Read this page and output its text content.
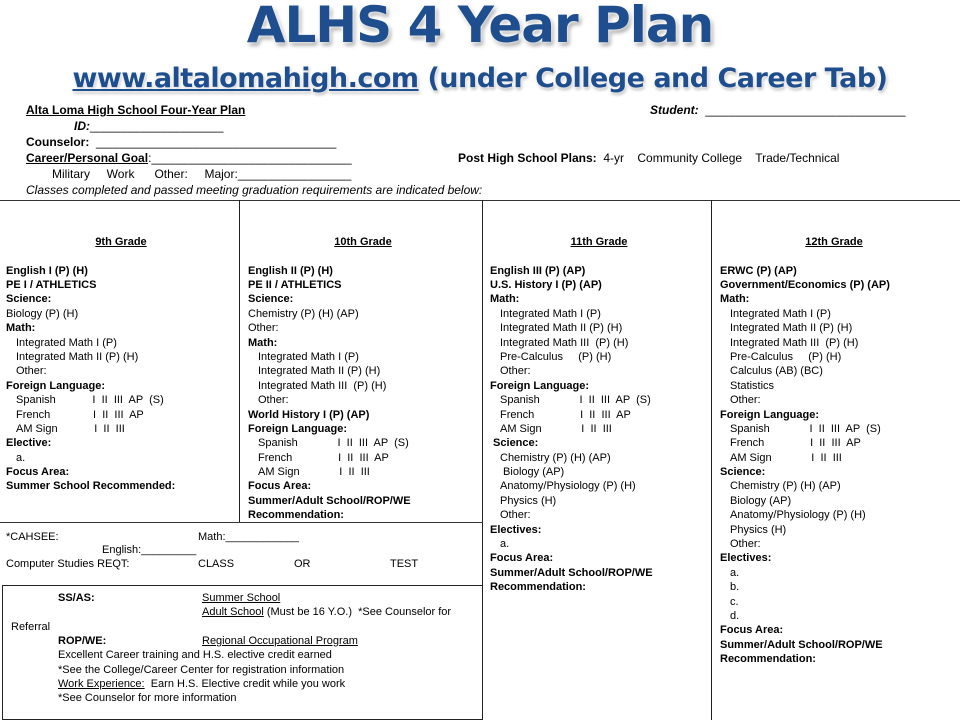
ALHS 4 Year Plan
www.altalomahigh.com (under College and Career Tab)
Alta Loma High School Four-Year Plan	Student: ______________________________
ID:____________________
Counselor: ____________________________________
Career/Personal Goal:______________________________	Post High School Plans: 4-yr    Community College    Trade/Technical
Military     Work      Other:     Major:_________________
Classes completed and passed meeting graduation requirements are indicated below:

9th Grade

English I (P) (H)
PE I / ATHLETICS
Science:
Biology (P) (H)
Math:
Integrated Math I (P)
Integrated Math II (P) (H)
Other:
Foreign Language:
Spanish            I  II  III  AP  (S)
French              I  II  III  AP
AM Sign            I  II  III
Elective:
a.
Focus Area:
Summer School Recommended:

10th Grade

English II (P) (H)
PE II / ATHLETICS
Science:
Chemistry (P) (H) (AP)
Other:
Math:
Integrated Math I (P)
Integrated Math II (P) (H)
Integrated Math III  (P) (H)
Other:
World History I (P) (AP)
Foreign Language:
Spanish             I  II  III  AP  (S)
French               I  II  III  AP
AM Sign             I  II  III
Focus Area:
Summer/Adult School/ROP/WE
Recommendation:

11th Grade

English III (P) (AP)
U.S. History I (P) (AP)
Math:
Integrated Math I (P)
Integrated Math II (P) (H)
Integrated Math III  (P) (H)
Pre-Calculus     (P) (H)
Other:
Foreign Language:
Spanish             I  II  III  AP  (S)
French               I  II  III  AP
AM Sign             I  II  III
Science:
Chemistry (P) (H) (AP)
Biology (AP)
Anatomy/Physiology (P) (H)
Physics (H)
Other:
Electives:
a.
Focus Area:
Summer/Adult School/ROP/WE
Recommendation:

12th Grade

ERWC (P) (AP)
Government/Economics (P) (AP)
Math:
Integrated Math I (P)
Integrated Math II (P) (H)
Integrated Math III  (P) (H)
Pre-Calculus     (P) (H)
Calculus (AB) (BC)
Statistics
Other:
Foreign Language:
Spanish             I  II  III  AP  (S)
French               I  II  III  AP
AM Sign             I  II  III
Science:
Chemistry (P) (H) (AP)
Biology (AP)
Anatomy/Physiology (P) (H)
Physics (H)
Other:
Electives:
a.
b.
c.
d.
Focus Area:
Summer/Adult School/ROP/WE
Recommendation:
*CAHSEE:	Math:____________
English:_________
Computer Studies REQT:	CLASS	OR	TEST
SS/AS:	Summer School
Adult School (Must be 16 Y.O.)  *See Counselor for
Referral
ROP/WE:	Regional Occupational Program
Excellent Career training and H.S. elective credit earned
*See the College/Career Center for registration information
Work Experience:  Earn H.S. Elective credit while you work
*See Counselor for more information
